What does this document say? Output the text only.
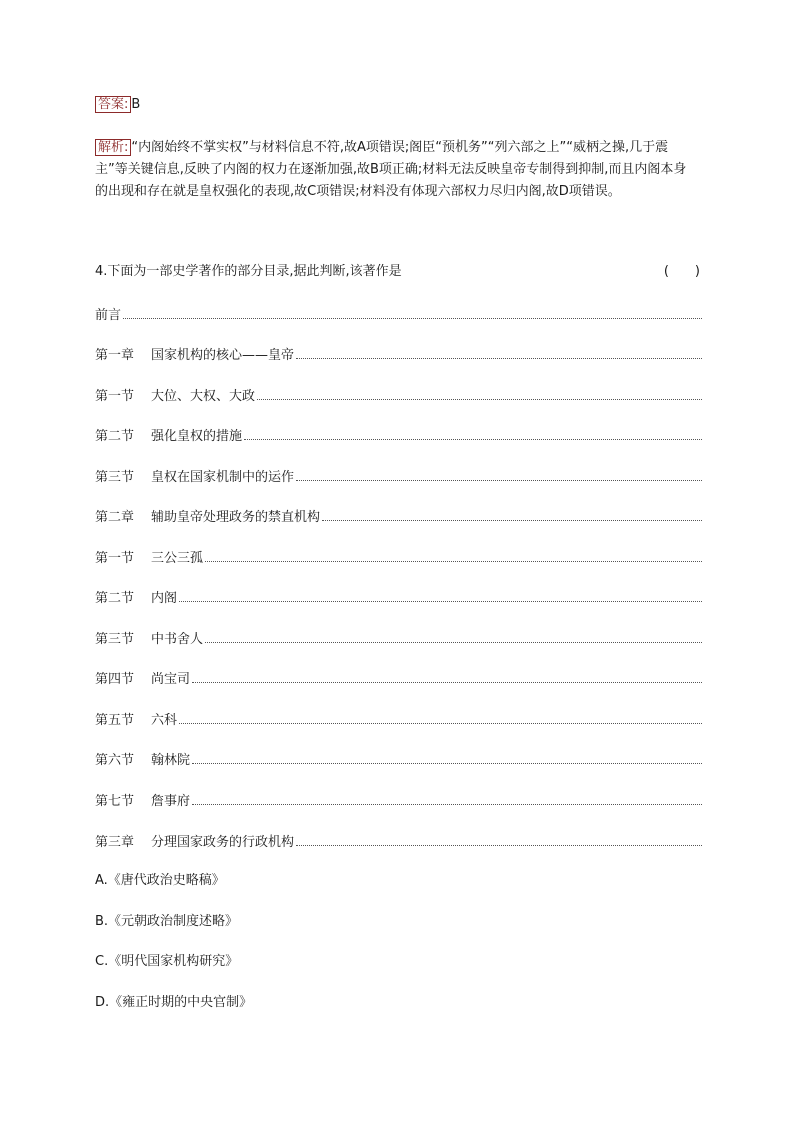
答案: B
解析: “内阁始终不掌实权”与材料信息不符,故A项错误;阁臣“预机务”“列六部之上”“威柄之操,几于震主”等关键信息,反映了内阁的权力在逐渐加强,故B项正确;材料无法反映皇帝专制得到抑制,而且内阁本身的出现和存在就是皇权强化的表现,故C项错误;材料没有体现六部权力尽归内阁,故D项错误。
4.下面为一部史学著作的部分目录,据此判断,该著作是	(　　)
前言
第一章	国家机构的核心——皇帝
第一节	大位、大权、大政
第二节	强化皇权的措施
第三节	皇权在国家机制中的运作
第二章	辅助皇帝处理政务的禁直机构
第一节	三公三孤
第二节	内阁
第三节	中书舍人
第四节	尚宝司
第五节	六科
第六节	翰林院
第七节	詹事府
第三章	分理国家政务的行政机构
A.《唐代政治史略稿》
B.《元朝政治制度述略》
C.《明代国家机构研究》
D.《雍正时期的中央官制》
